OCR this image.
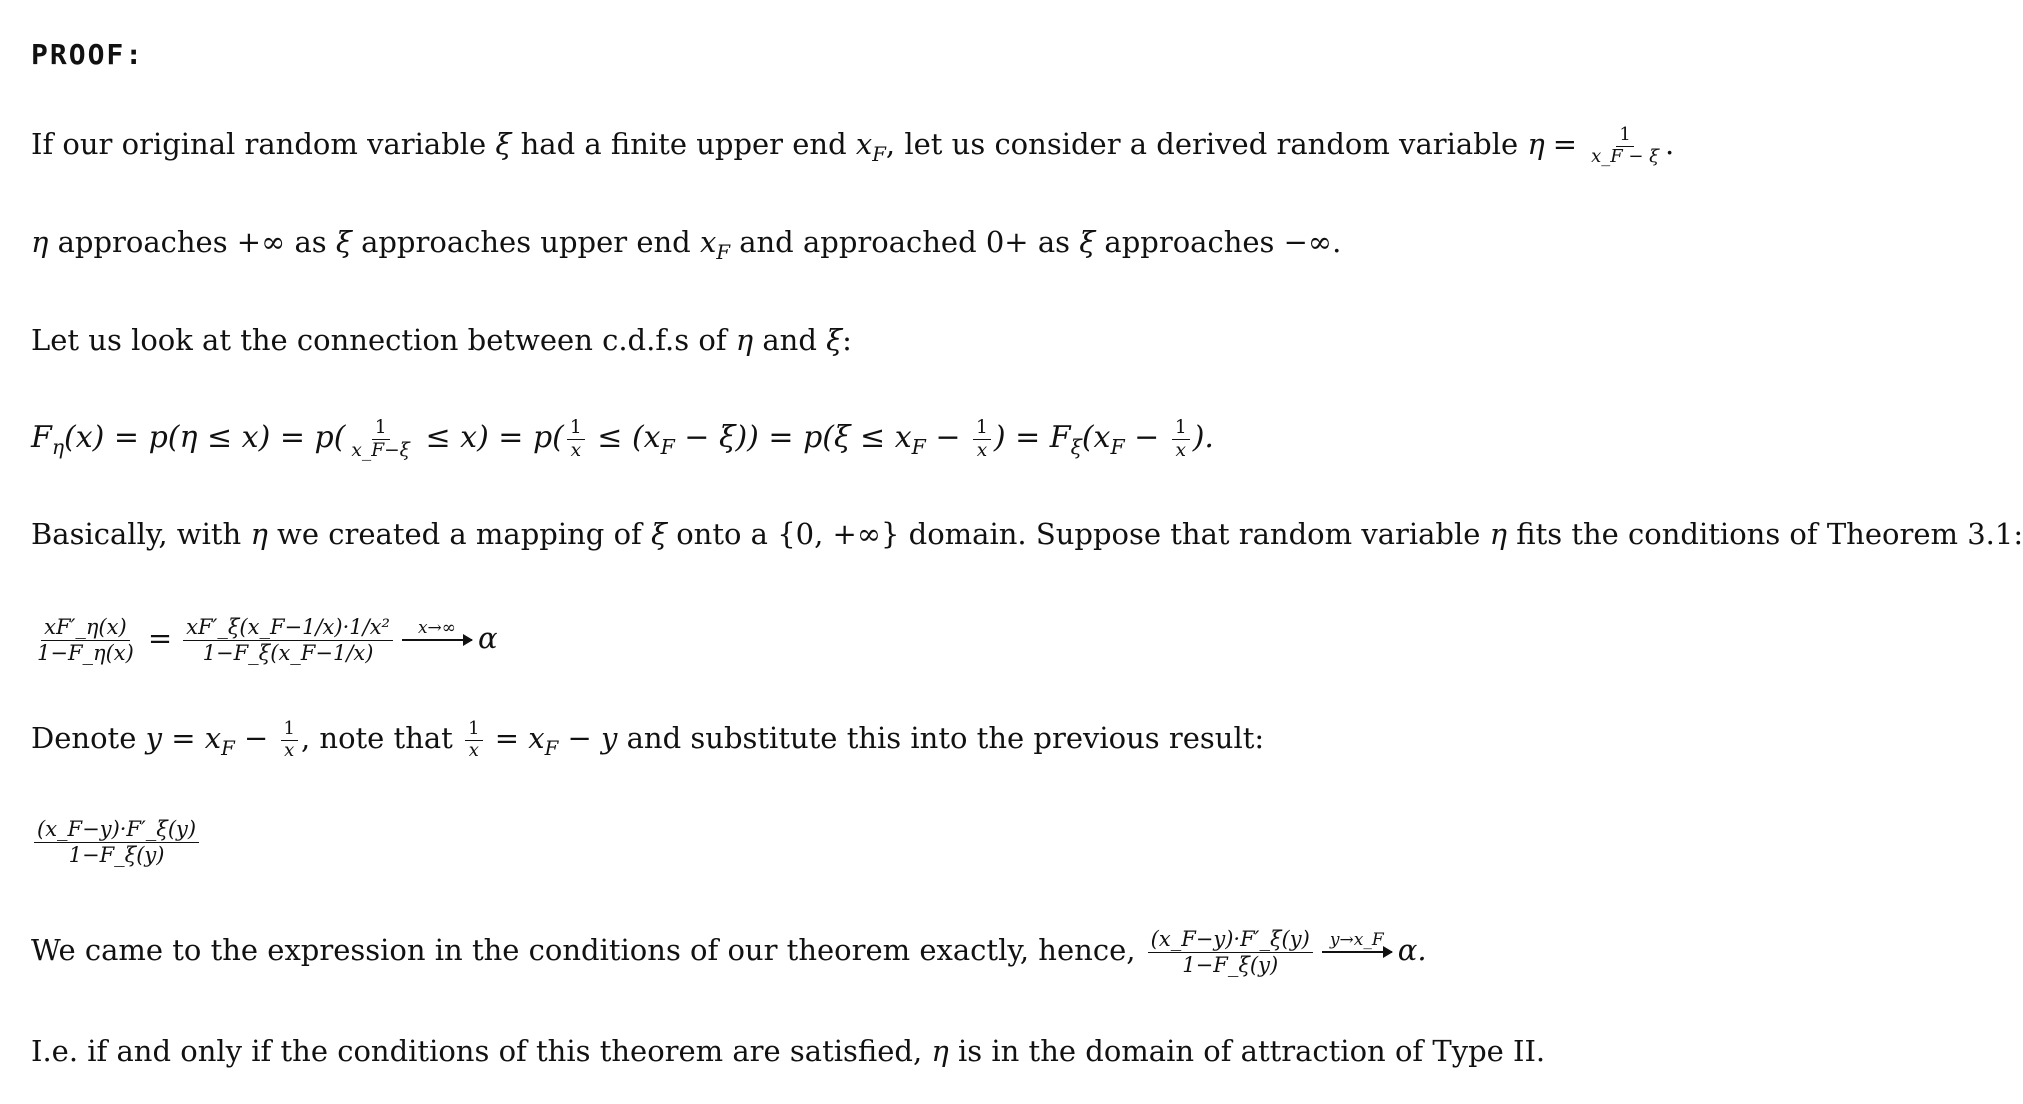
PROOF:
If our original random variable ξ had a finite upper end $x_F$, let us consider a derived random variable $\eta = \frac{1}{x\_F - \xi}$ .
η approaches +∞ as ξ approaches upper end $x_F$ and approached 0+ as ξ approaches −∞.
Let us look at the connection between c.d.f.s of η and ξ:
$F_\eta(x) = p(\eta \le x) = p( \frac{1}{x\_F-\xi} \le x) = p( \frac{1}{x} \le (x_F - \xi)) = p(\xi \le x_F - \frac{1}{x}$ ) = $F_\xi(x_F - \frac{1}{x}$ ).
Basically, with η we created a mapping of ξ onto a {0, +∞} domain. Suppose that random variable η fits the conditions of Theorem 3.1:
$\frac{xF'\_\eta(x)}{1-F\_\eta(x)} = \frac{\text{xF′\_ξ(x\_F−1/x)·1/x²}}{1-F\_\xi(x\_F-1/x)}$	x→∞ α
Denote $y = x_F - \frac{1}{x}$ , note that $\frac{1}{x} = x_F - y$ and substitute this into the previous result:
$\frac{(x\_F-y)\cdot F'\_\xi(y)}{1-F\_\xi(y)}$
We came to the expression in the conditions of our theorem exactly, hence, $\frac{(x\_F-y)\cdot F'\_\xi(y)}{1-F\_\xi(y)}$	y→x_F α.
I.e. if and only if the conditions of this theorem are satisfied, η is in the domain of attraction of Type II.
